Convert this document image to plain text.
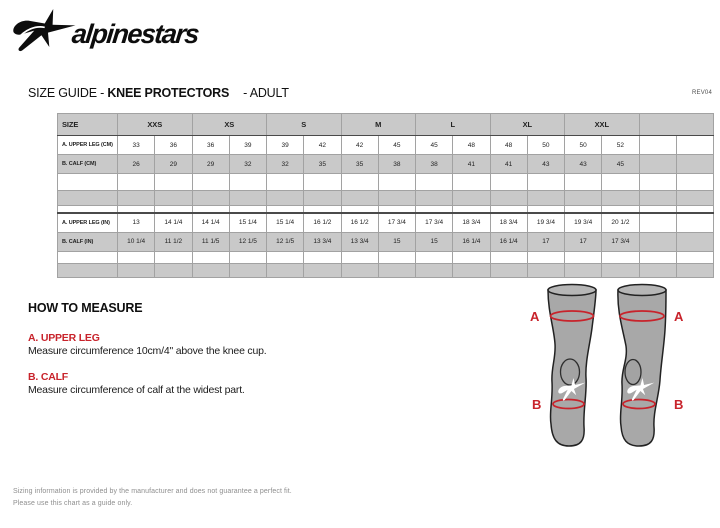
alpinestars
SIZE GUIDE - KNEE PROTECTORS - ADULT	REV04
SIZE	XXS		XS		S		M		L		XL		XXL			
A. UPPER LEG (CM)	33	36	36	39	39	42	42	45	45	48	48	50	50	52		
B. CALF (CM)	26	29	29	32	32	35	35	38	38	41	41	43	43	45		

A. UPPER LEG (IN)	13	14 1/4	14 1/4	15 1/4	15 1/4	16 1/2	16 1/2	17 3/4	17 3/4	18 3/4	18 3/4	19 3/4	19 3/4	20 1/2		
B. CALF (IN)	10 1/4	11 1/2	11 1/5	12 1/5	12 1/5	13 3/4	13 3/4	15	15	16 1/4	16 1/4	17	17	17 3/4		

HOW TO MEASURE

A. UPPER LEG

Measure circumference 10cm/4" above the knee cup.

B. CALF

Measure circumference of calf at the widest part.

A	A
B	B
Sizing information is provided by the manufacturer and does not guarantee a perfect fit.
Please use this chart as a guide only.
